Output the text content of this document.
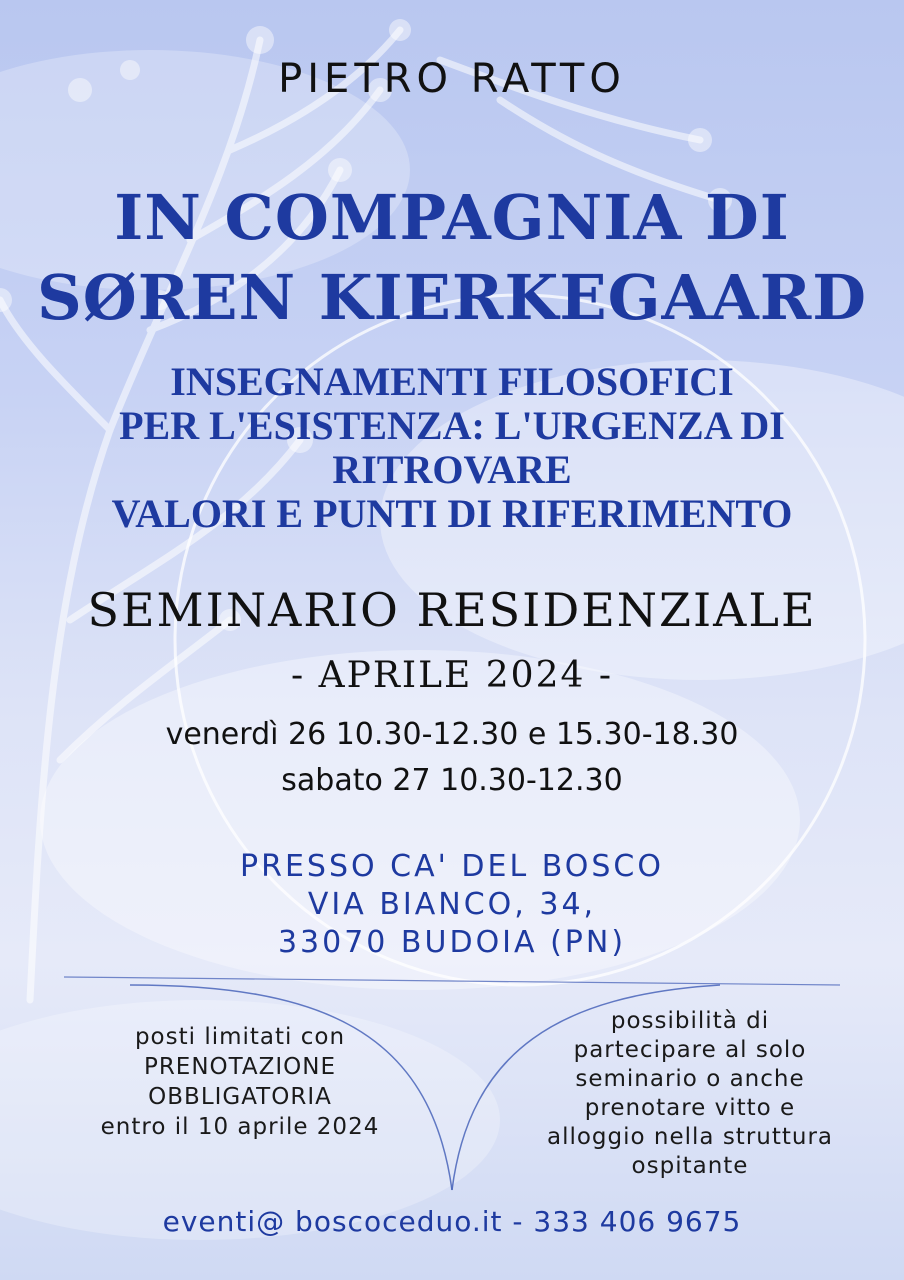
PIETRO RATTO
IN COMPAGNIA DI
SØREN KIERKEGAARD
INSEGNAMENTI FILOSOFICI
PER L'ESISTENZA: L'URGENZA DI RITROVARE
VALORI E PUNTI DI RIFERIMENTO
SEMINARIO RESIDENZIALE
- APRILE 2024 -
venerdì 26 10.30-12.30 e 15.30-18.30
sabato 27 10.30-12.30
PRESSO CA' DEL BOSCO
VIA BIANCO, 34,
33070 BUDOIA (PN)
posti limitati con
PRENOTAZIONE
OBBLIGATORIA
entro il 10 aprile 2024
possibilità di
partecipare al solo
seminario o anche
prenotare vitto e
alloggio nella struttura
ospitante
eventi@ boscoceduo.it - 333 406 9675
